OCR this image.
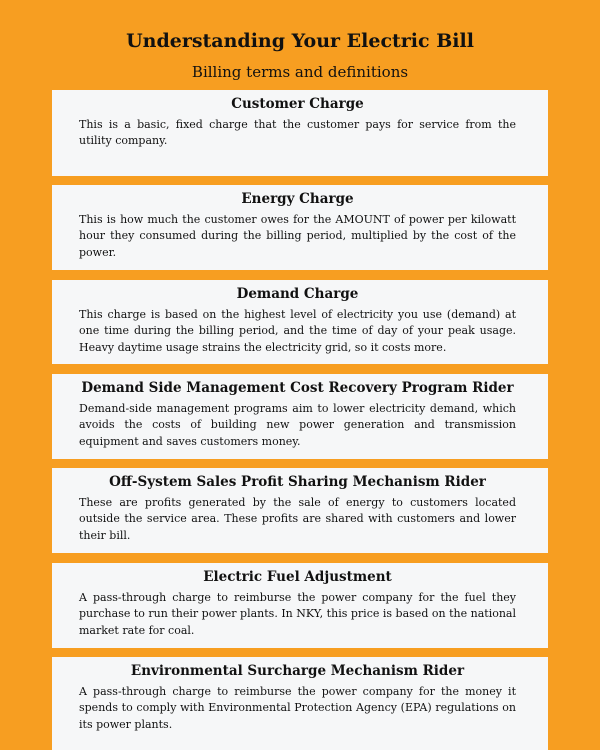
Understanding Your Electric Bill
Billing terms and definitions
Customer Charge

This is a basic, fixed charge that the customer pays for service from the utility company.

Energy Charge

This is how much the customer owes for the AMOUNT of power per kilowatt hour they consumed during the billing period, multiplied by the cost of the power.

Demand Charge

This charge is based on the highest level of electricity you use (demand) at one time during the billing period, and the time of day of your peak usage. Heavy daytime usage strains the electricity grid, so it costs more.

Demand Side Management Cost Recovery Program Rider

Demand-side management programs aim to lower electricity demand, which avoids the costs of building new power generation and transmission equipment and saves customers money.

Off-System Sales Profit Sharing Mechanism Rider

These are profits generated by the sale of energy to customers located outside the service area. These profits are shared with customers and lower their bill.

Electric Fuel Adjustment

A pass-through charge to reimburse the power company for the fuel they purchase to run their power plants. In NKY, this price is based on the national market rate for coal.

Environmental Surcharge Mechanism Rider

A pass-through charge to reimburse the power company for the money it spends to comply with Environmental Protection Agency (EPA) regulations on its power plants.
